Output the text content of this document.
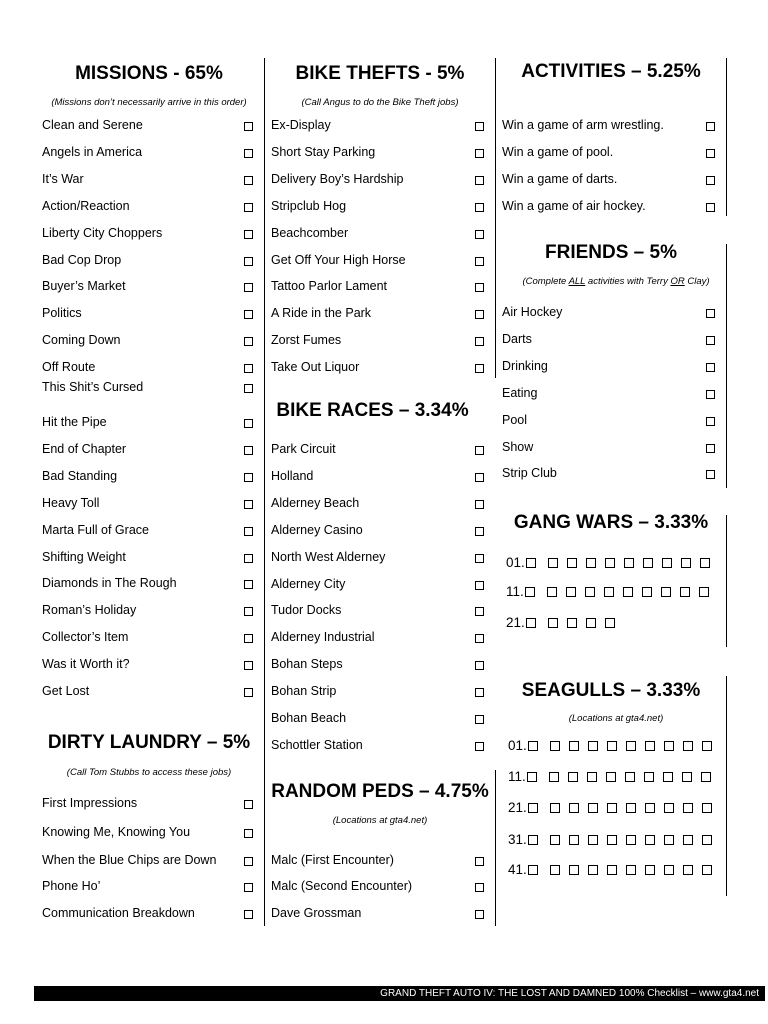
MISSIONS - 65%
(Missions don’t necessarily arrive in this order)
DIRTY LAUNDRY – 5%
(Call Tom Stubbs to access these jobs)
BIKE THEFTS - 5%
(Call Angus to do the Bike Theft jobs)
BIKE RACES – 3.34%
RANDOM PEDS – 4.75%
(Locations at gta4.net)
ACTIVITIES – 5.25%
FRIENDS – 5%
(Complete ALL activities with Terry OR Clay)
GANG WARS – 3.33%
SEAGULLS – 3.33%
(Locations at gta4.net)
Clean and Serene
Angels in America
It’s War
Action/Reaction
Liberty City Choppers
Bad Cop Drop
Buyer’s Market
Politics
Coming Down
Off Route
This Shit’s Cursed
Hit the Pipe
End of Chapter
Bad Standing
Heavy Toll
Marta Full of Grace
Shifting Weight
Diamonds in The Rough
Roman’s Holiday
Collector’s Item
Was it Worth it?
Get Lost
First Impressions
Knowing Me, Knowing You
When the Blue Chips are Down
Phone Ho’
Communication Breakdown
Ex-Display
Short Stay Parking
Delivery Boy’s Hardship
Stripclub Hog
Beachcomber
Get Off Your High Horse
Tattoo Parlor Lament
A Ride in the Park
Zorst Fumes
Take Out Liquor
Park Circuit
Holland
Alderney Beach
Alderney Casino
North West Alderney
Alderney City
Tudor Docks
Alderney Industrial
Bohan Steps
Bohan Strip
Bohan Beach
Schottler Station
Malc (First Encounter)
Malc (Second Encounter)
Dave Grossman
Win a game of arm wrestling.
Win a game of pool.
Win a game of darts.
Win a game of air hockey.
Air Hockey
Darts
Drinking
Eating
Pool
Show
Strip Club
01.
11.
21.
01.
11.
21.
31.
41.
GRAND THEFT AUTO IV: THE LOST AND DAMNED 100% Checklist – www.gta4.net
